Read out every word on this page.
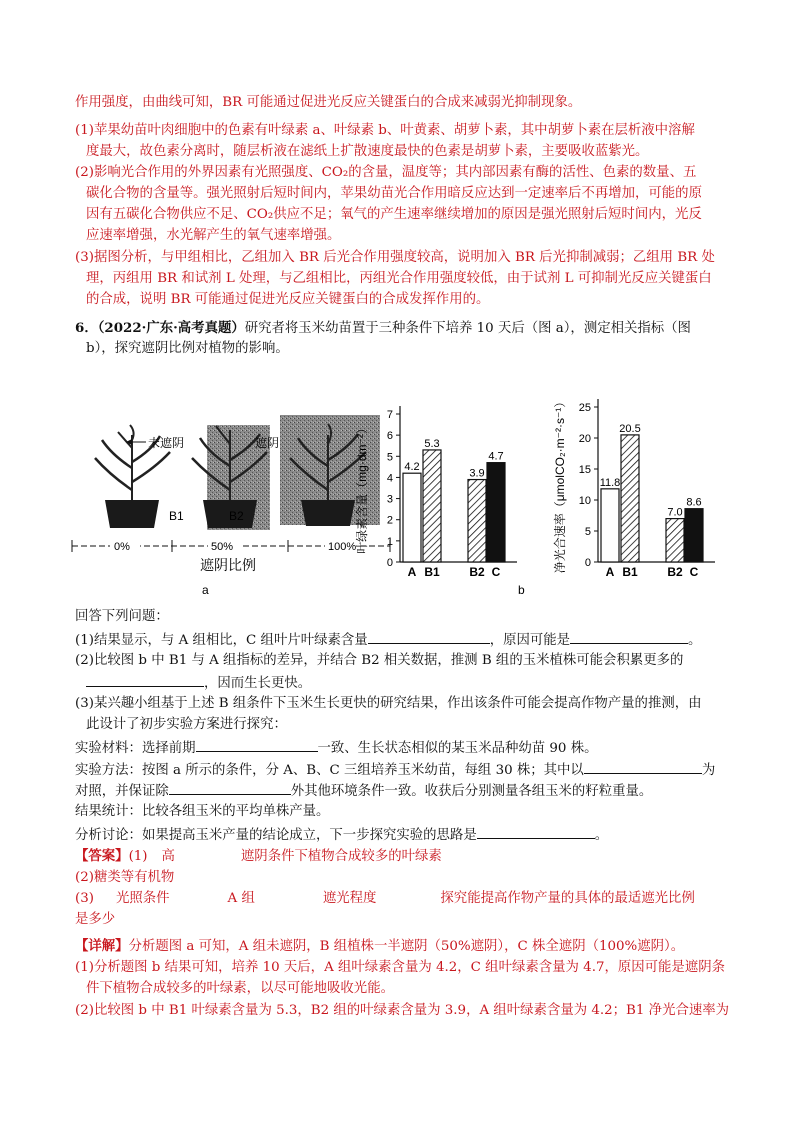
作用强度，由曲线可知，BR 可能通过促进光反应关键蛋白的合成来减弱光抑制现象。
(1)苹果幼苗叶肉细胞中的色素有叶绿素 a、叶绿素 b、叶黄素、胡萝卜素，其中胡萝卜素在层析液中溶解
度最大，故色素分离时，随层析液在滤纸上扩散速度最快的色素是胡萝卜素，主要吸收蓝紫光。
(2)影响光合作用的外界因素有光照强度、CO₂的含量，温度等；其内部因素有酶的活性、色素的数量、五
碳化合物的含量等。强光照射后短时间内，苹果幼苗光合作用暗反应达到一定速率后不再增加，可能的原
因有五碳化合物供应不足、CO₂供应不足；氧气的产生速率继续增加的原因是强光照射后短时间内，光反
应速率增强，水光解产生的氧气速率增强。
(3)据图分析，与甲组相比，乙组加入 BR 后光合作用强度较高，说明加入 BR 后光抑制减弱；乙组用 BR 处
理，丙组用 BR 和试剂 L 处理，与乙组相比，丙组光合作用强度较低，由于试剂 L 可抑制光反应关键蛋白
的合成，说明 BR 可能通过促进光反应关键蛋白的合成发挥作用的。
6．（2022·广东·高考真题）研究者将玉米幼苗置于三种条件下培养 10 天后（图 a），测定相关指标（图
b），探究遮阴比例对植物的影响。
未遮阴	遮阴
B1	B2
0%	50%	100%
遮阴比例
a
0
1
2
3
4
5
6
7
4.2
A
5.3
B1
3.9
B2
4.7
C
叶绿素含量（mg·dm⁻²）
0
5
10
15
20
25
11.8
A
20.5
B1
7.0
B2
8.6
C
净光合速率（μmolCO₂·m⁻²·s⁻¹）
b
回答下列问题：
(1)结果显示，与 A 组相比，C 组叶片叶绿素含量	，原因可能是	。
(2)比较图 b 中 B1 与 A 组指标的差异，并结合 B2 相关数据，推测 B 组的玉米植株可能会积累更多的
，因而生长更快。
(3)某兴趣小组基于上述 B 组条件下玉米生长更快的研究结果，作出该条件可能会提高作物产量的推测，由
此设计了初步实验方案进行探究：
实验材料：选择前期	一致、生长状态相似的某玉米品种幼苗 90 株。
实验方法：按图 a 所示的条件，分 A、B、C 三组培养玉米幼苗，每组 30 株；其中以	为
对照，并保证除	外其他环境条件一致。收获后分别测量各组玉米的籽粒重量。
结果统计：比较各组玉米的平均单株产量。
分析讨论：如果提高玉米产量的结论成立，下一步探究实验的思路是	。
【答案】(1) 高	遮阴条件下植物合成较多的叶绿素
(2)糖类等有机物
(3) 光照条件	A 组	遮光程度	探究能提高作物产量的具体的最适遮光比例
是多少
【详解】分析题图 a 可知，A 组未遮阴，B 组植株一半遮阴（50%遮阴），C 株全遮阴（100%遮阴）。
(1)分析题图 b 结果可知，培养 10 天后，A 组叶绿素含量为 4.2，C 组叶绿素含量为 4.7，原因可能是遮阴条
件下植物合成较多的叶绿素，以尽可能地吸收光能。
(2)比较图 b 中 B1 叶绿素含量为 5.3，B2 组的叶绿素含量为 3.9，A 组叶绿素含量为 4.2；B1 净光合速率为
